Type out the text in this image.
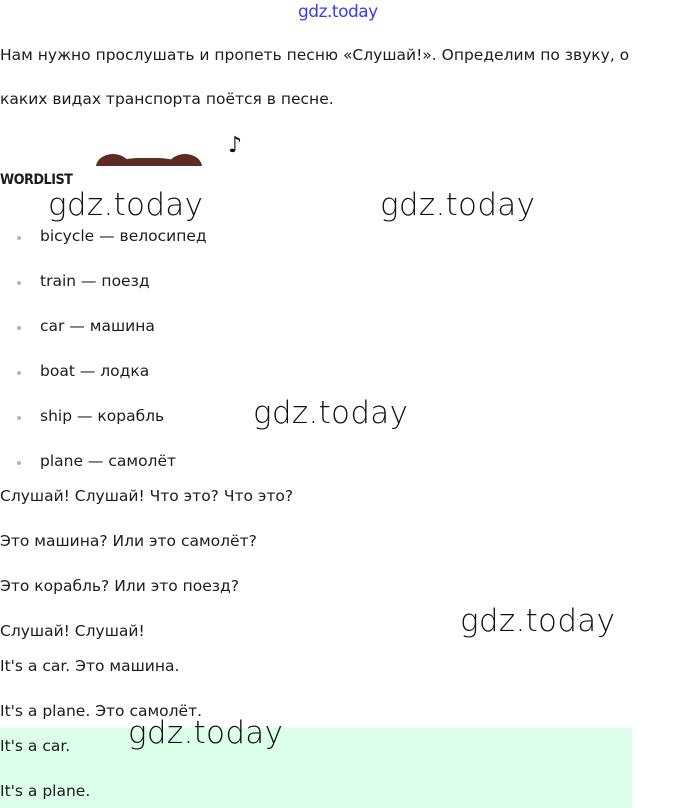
gdz.today
Нам нужно прослушать и пропеть песню «Слушай!». Определим по звуку, о каких видах транспорта поётся в песне.
♪
WORDLIST
bicycle — велосипед
train — поезд
car — машина
boat — лодка
ship — корабль
plane — самолёт
Слушай! Слушай! Что это? Что это?
Это машина? Или это самолёт?
Это корабль? Или это поезд?
Слушай! Слушай!
It's a car. Это машина.
It's a plane. Это самолёт.
It's a car.
It's a plane.
gdz.today	gdz.today
gdz.today
gdz.today
gdz.today
